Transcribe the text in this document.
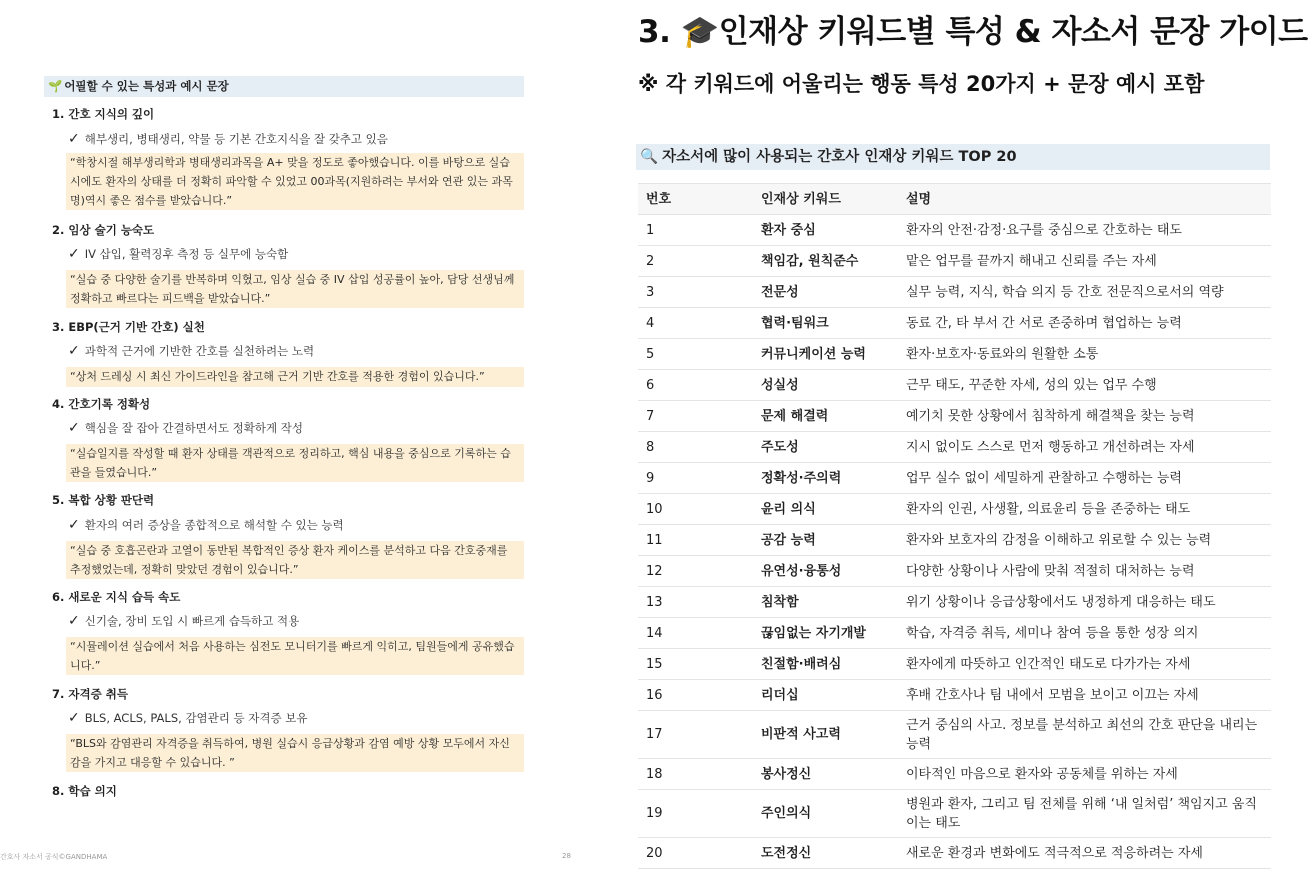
🌱 어필할 수 있는 특성과 예시 문장
1. 간호 지식의 깊이
✓ 해부생리, 병태생리, 약물 등 기본 간호지식을 잘 갖추고 있음
“학창시절 해부생리학과 병태생리과목을 A+ 맞을 정도로 좋아했습니다. 이를 바탕으로 실습시에도 환자의 상태를 더 정확히 파악할 수 있었고 00과목(지원하려는 부서와 연관 있는 과목명)역시 좋은 점수를 받았습니다.”
2. 임상 술기 능숙도
✓ IV 삽입, 활력징후 측정 등 실무에 능숙함
“실습 중 다양한 술기를 반복하며 익혔고, 임상 실습 중 IV 삽입 성공률이 높아, 담당 선생님께 정확하고 빠르다는 피드백을 받았습니다.”
3. EBP(근거 기반 간호) 실천
✓ 과학적 근거에 기반한 간호를 실천하려는 노력
“상처 드레싱 시 최신 가이드라인을 참고해 근거 기반 간호를 적용한 경험이 있습니다.”
4. 간호기록 정확성
✓ 핵심을 잘 잡아 간결하면서도 정확하게 작성
“실습일지를 작성할 때 환자 상태를 객관적으로 정리하고, 핵심 내용을 중심으로 기록하는 습관을 들였습니다.”
5. 복합 상황 판단력
✓ 환자의 여러 증상을 종합적으로 해석할 수 있는 능력
“실습 중 호흡곤란과 고열이 동반된 복합적인 증상 환자 케이스를 분석하고 다음 간호중재를 추정했었는데, 정확히 맞았던 경험이 있습니다.”
6. 새로운 지식 습득 속도
✓ 신기술, 장비 도입 시 빠르게 습득하고 적용
“시뮬레이션 실습에서 처음 사용하는 심전도 모니터기를 빠르게 익히고, 팀원들에게 공유했습니다.”
7. 자격증 취득
✓ BLS, ACLS, PALS, 감염관리 등 자격증 보유
“BLS와 감염관리 자격증을 취득하여, 병원 실습시 응급상황과 감염 예방 상황 모두에서 자신감을 가지고 대응할 수 있습니다. ”
8. 학습 의지
간호사 자소서 공식©GANDHAMA	28
3. 🎓인재상 키워드별 특성 & 자소서 문장 가이드
※ 각 키워드에 어울리는 행동 특성 20가지 + 문장 예시 포함
🔍 자소서에 많이 사용되는 간호사 인재상 키워드 TOP 20
번호	인재상 키워드	설명
1	환자 중심	환자의 안전·감정·요구를 중심으로 간호하는 태도
2	책임감, 원칙준수	맡은 업무를 끝까지 해내고 신뢰를 주는 자세
3	전문성	실무 능력, 지식, 학습 의지 등 간호 전문직으로서의 역량
4	협력·팀워크	동료 간, 타 부서 간 서로 존중하며 협업하는 능력
5	커뮤니케이션 능력	환자·보호자·동료와의 원활한 소통
6	성실성	근무 태도, 꾸준한 자세, 성의 있는 업무 수행
7	문제 해결력	예기치 못한 상황에서 침착하게 해결책을 찾는 능력
8	주도성	지시 없이도 스스로 먼저 행동하고 개선하려는 자세
9	정확성·주의력	업무 실수 없이 세밀하게 관찰하고 수행하는 능력
10	윤리 의식	환자의 인권, 사생활, 의료윤리 등을 존중하는 태도
11	공감 능력	환자와 보호자의 감정을 이해하고 위로할 수 있는 능력
12	유연성·융통성	다양한 상황이나 사람에 맞춰 적절히 대처하는 능력
13	침착함	위기 상황이나 응급상황에서도 냉정하게 대응하는 태도
14	끊임없는 자기개발	학습, 자격증 취득, 세미나 참여 등을 통한 성장 의지
15	친절함·배려심	환자에게 따뜻하고 인간적인 태도로 다가가는 자세
16	리더십	후배 간호사나 팀 내에서 모범을 보이고 이끄는 자세
17	비판적 사고력	근거 중심의 사고. 정보를 분석하고 최선의 간호 판단을 내리는 능력
18	봉사정신	이타적인 마음으로 환자와 공동체를 위하는 자세
19	주인의식	병원과 환자, 그리고 팀 전체를 위해 ‘내 일처럼’ 책임지고 움직이는 태도
20	도전정신	새로운 환경과 변화에도 적극적으로 적응하려는 자세
